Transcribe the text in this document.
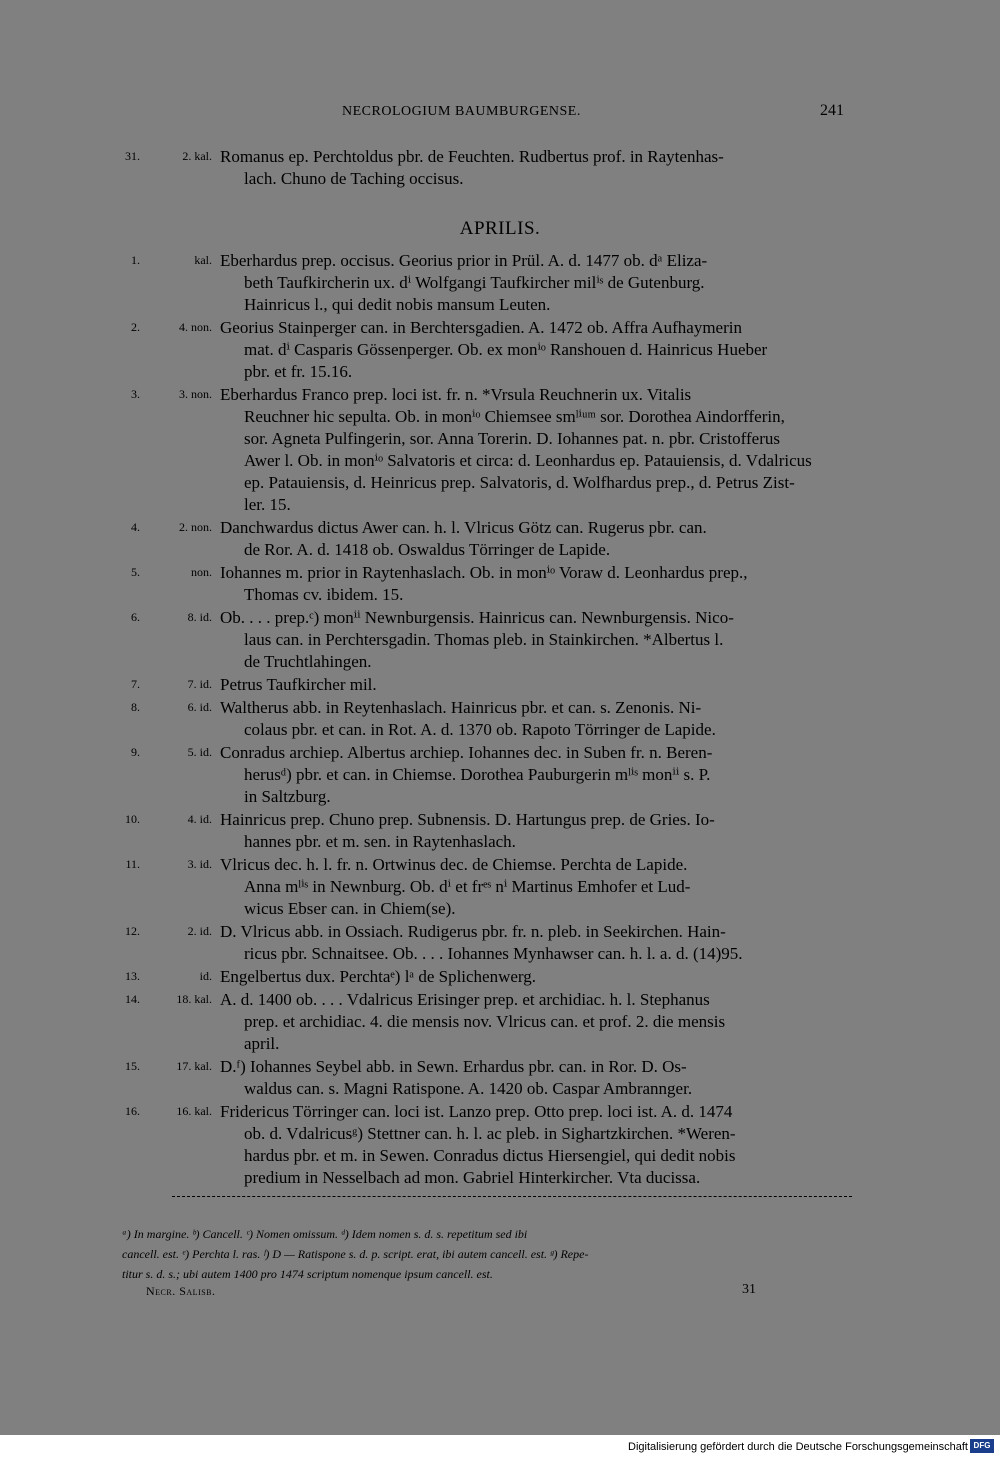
NECROLOGIUM BAUMBURGENSE.	241
31.	2. kal. Romanus ep. Perchtoldus pbr. de Feuchten. Rudbertus prof. in Raytenhas-
lach. Chuno de Taching occisus.
APRILIS.
1.	kal. Eberhardus prep. occisus. Georius prior in Prül. A. d. 1477 ob. dᵃ Eliza-
beth Taufkircherin ux. dⁱ Wolfgangi Taufkircher milⁱˢ de Gutenburg.
Hainricus l., qui dedit nobis mansum Leuten.
2.	4. non. Georius Stainperger can. in Berchtersgadien. A. 1472 ob. Affra Aufhaymerin
mat. dⁱ Casparis Gössenperger. Ob. ex monⁱᵒ Ranshouen d. Hainricus Hueber
pbr. et fr. 15.16.
3.	3. non. Eberhardus Franco prep. loci ist. fr. n. *Vrsula Reuchnerin ux. Vitalis
Reuchner hic sepulta. Ob. in monⁱᵒ Chiemsee smˡⁱᵘᵐ sor. Dorothea Aindorfferin,
sor. Agneta Pulfingerin, sor. Anna Torerin. D. Iohannes pat. n. pbr. Cristofferus
Awer l. Ob. in monⁱᵒ Salvatoris et circa: d. Leonhardus ep. Patauiensis, d. Vdalricus
ep. Patauiensis, d. Heinricus prep. Salvatoris, d. Wolfhardus prep., d. Petrus Zist-
ler. 15.
4.	2. non. Danchwardus dictus Awer can. h. l. Vlricus Götz can. Rugerus pbr. can.
de Ror. A. d. 1418 ob. Oswaldus Törringer de Lapide.
5.	non. Iohannes m. prior in Raytenhaslach. Ob. in monⁱᵒ Voraw d. Leonhardus prep.,
Thomas cv. ibidem. 15.
6.	8. id. Ob. . . . prep.ᶜ) monⁱⁱ Newnburgensis. Hainricus can. Newnburgensis. Nico-
laus can. in Perchtersgadin. Thomas pleb. in Stainkirchen. *Albertus l.
de Truchtlahingen.
7.	7. id. Petrus Taufkircher mil.
8.	6. id. Waltherus abb. in Reytenhaslach. Hainricus pbr. et can. s. Zenonis. Ni-
colaus pbr. et can. in Rot. A. d. 1370 ob. Rapoto Törringer de Lapide.
9.	5. id. Conradus archiep. Albertus archiep. Iohannes dec. in Suben fr. n. Beren-
herusᵈ) pbr. et can. in Chiemse. Dorothea Pauburgerin mˡⁱˢ monⁱⁱ s. P.
in Saltzburg.
10.	4. id. Hainricus prep. Chuno prep. Subnensis. D. Hartungus prep. de Gries. Io-
hannes pbr. et m. sen. in Raytenhaslach.
11.	3. id. Vlricus dec. h. l. fr. n. Ortwinus dec. de Chiemse. Perchta de Lapide.
Anna mˡⁱˢ in Newnburg. Ob. dⁱ et frᵉˢ nⁱ Martinus Emhofer et Lud-
wicus Ebser can. in Chiem(se).
12.	2. id. D. Vlricus abb. in Ossiach. Rudigerus pbr. fr. n. pleb. in Seekirchen. Hain-
ricus pbr. Schnaitsee. Ob. . . . Iohannes Mynhawser can. h. l. a. d. (14)95.
13.	id. Engelbertus dux. Perchtaᵉ) lᵃ de Splichenwerg.
14.	18. kal. A. d. 1400 ob. . . . Vdalricus Erisinger prep. et archidiac. h. l. Stephanus
prep. et archidiac. 4. die mensis nov. Vlricus can. et prof. 2. die mensis
april.
15.	17. kal. D.ᶠ) Iohannes Seybel abb. in Sewn. Erhardus pbr. can. in Ror. D. Os-
waldus can. s. Magni Ratispone. A. 1420 ob. Caspar Ambrannger.
16.	16. kal. Fridericus Törringer can. loci ist. Lanzo prep. Otto prep. loci ist. A. d. 1474
ob. d. Vdalricusᵍ) Stettner can. h. l. ac pleb. in Sighartzkirchen. *Weren-
hardus pbr. et m. in Sewen. Conradus dictus Hiersengiel, qui dedit nobis
predium in Nesselbach ad mon. Gabriel Hinterkircher. Vta ducissa.
ᵃ) In margine. ᵇ) Cancell. ᶜ) Nomen omissum. ᵈ) Idem nomen s. d. s. repetitum sed ibi
cancell. est. ᵉ) Perchta l. ras. ᶠ) D — Ratispone s. d. p. script. erat, ibi autem cancell. est. ᵍ) Repe-
titur s. d. s.; ubi autem 1400 pro 1474 scriptum nomenque ipsum cancell. est.
Necr. Salisb.	31
Digitalisierung gefördert durch die Deutsche Forschungsgemeinschaft DFG
